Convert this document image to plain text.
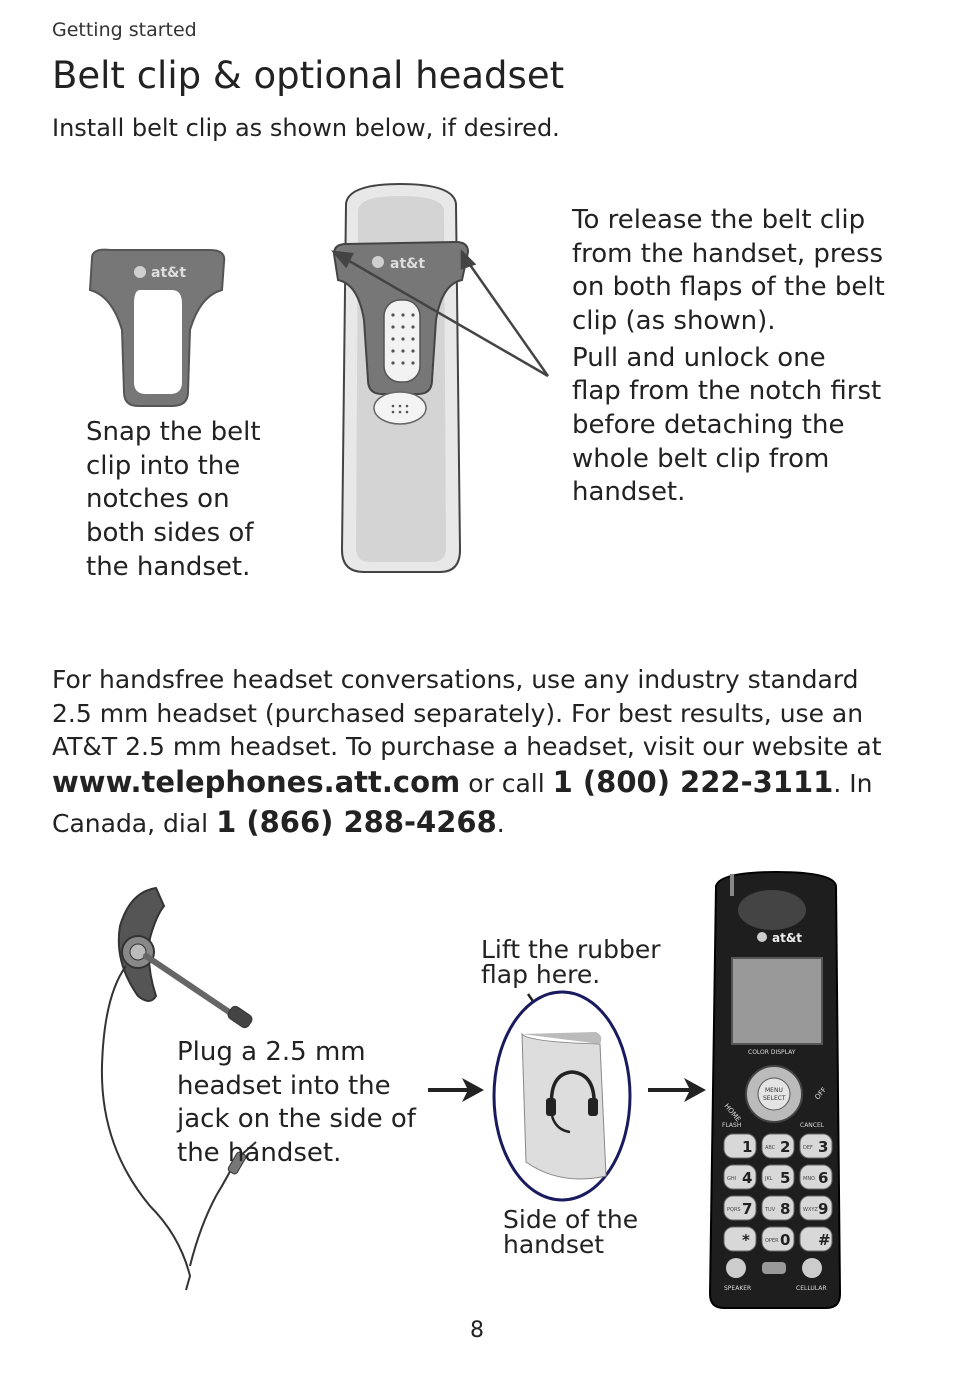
Getting started
Belt clip & optional headset
Install belt clip as shown below, if desired.
at&t
Snap the belt clip into the notches on both sides of the handset.
at&t
To release the belt clip from the handset, press on both flaps of the belt clip (as shown).
Pull and unlock one flap from the notch first before detaching the whole belt clip from handset.
For handsfree headset conversations, use any industry standard
2.5 mm headset (purchased separately). For best results, use an
AT&T 2.5 mm headset. To purchase a headset, visit our website at
www.telephones.att.com or call 1 (800) 222-3111. In
Canada, dial 1 (866) 288-4268.
Plug a 2.5 mm headset into the jack on the side of the handset.
Lift the rubber flap here.
Side of the handset
at&t
COLOR DISPLAY
MENU
SELECT
HOME
OFF
FLASH	CANCEL
1 2
ABC	3
DEF
4
GHI	5
JKL	6
MNO
7
PQRS	8
TUV	9
WXYZ
* 0
OPER	#
SPEAKER	CELLULAR
8
